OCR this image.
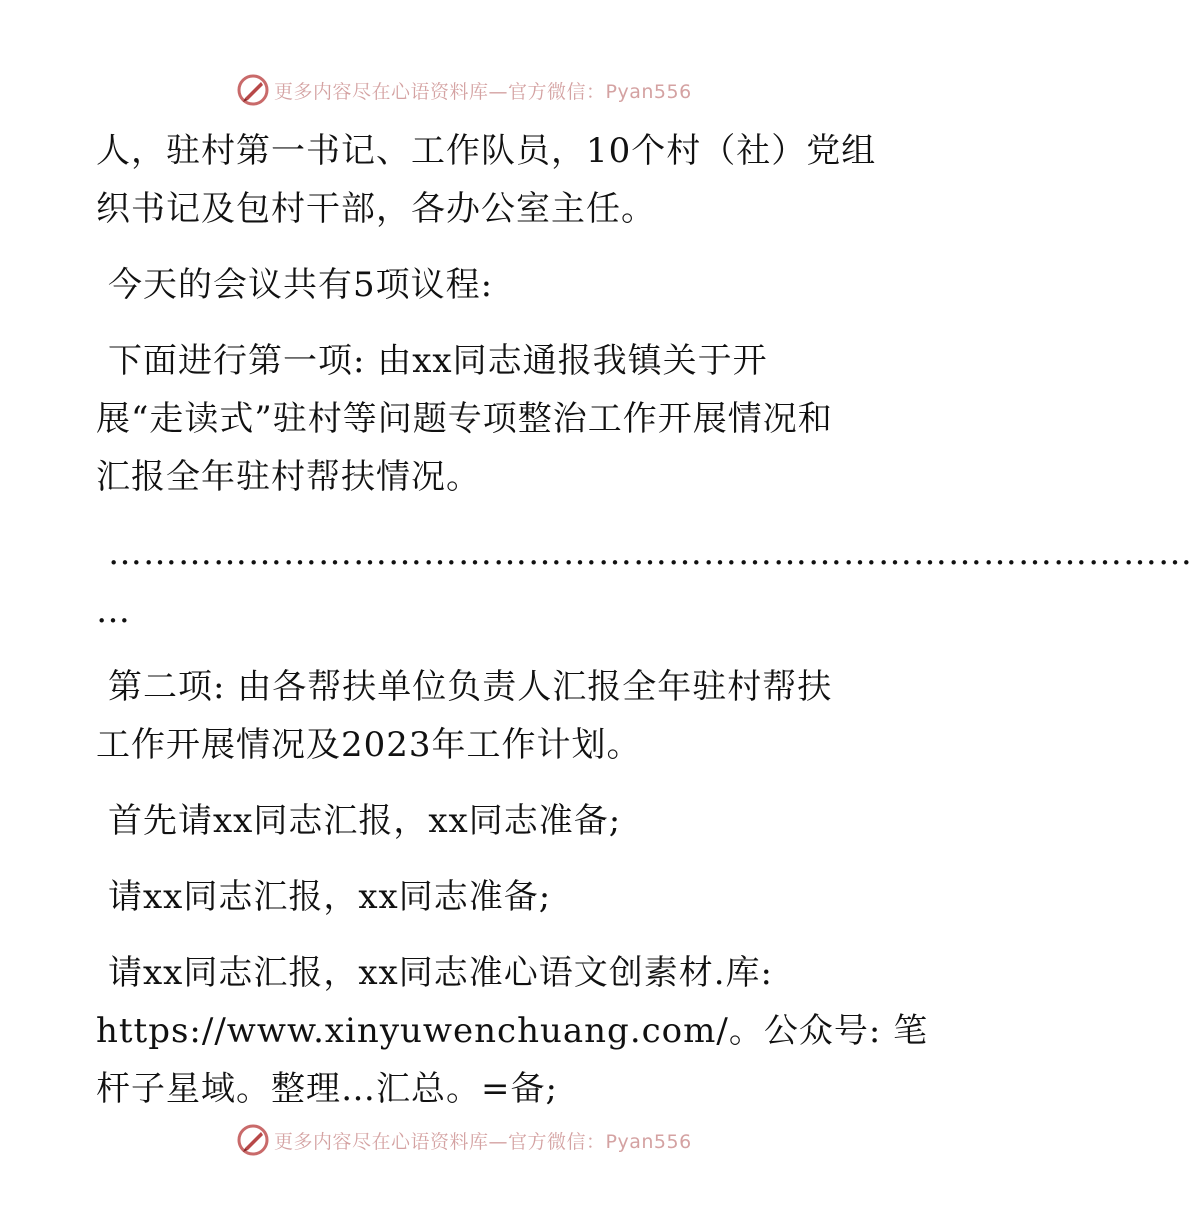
更多内容尽在心语资料库—官方微信：Pyan556
人，驻村第一书记、工作队员，10个村（社）党组
织书记及包村干部，各办公室主任。
今天的会议共有5项议程:
下面进行第一项: 由xx同志通报我镇关于开
展“走读式”驻村等问题专项整治工作开展情况和
汇报全年驻村帮扶情况。
…………………………………………………………………………………
…
第二项: 由各帮扶单位负责人汇报全年驻村帮扶
工作开展情况及2023年工作计划。
首先请xx同志汇报，xx同志准备;
请xx同志汇报，xx同志准备;
请xx同志汇报，xx同志准心语文创素材.库:
https://www.xinyuwenchuang.com/。公众号: 笔
杆子星域。整理…汇总。=备;
更多内容尽在心语资料库—官方微信：Pyan556
